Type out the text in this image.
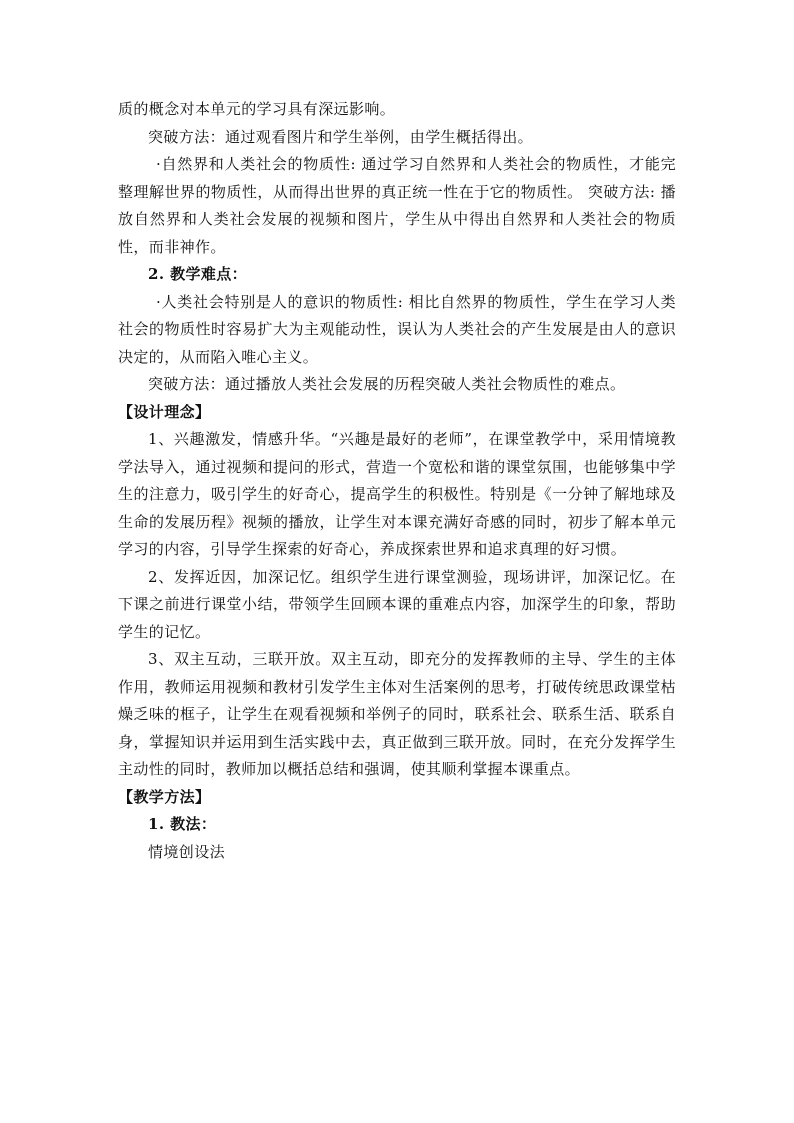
质的概念对本单元的学习具有深远影响。

突破方法：通过观看图片和学生举例，由学生概括得出。

·自然界和人类社会的物质性: 通过学习自然界和人类社会的物质性，才能完整理解世界的物质性，从而得出世界的真正统一性在于它的物质性。 突破方法: 播放自然界和人类社会发展的视频和图片，学生从中得出自然界和人类社会的物质性，而非神作。

2. 教学难点：

·人类社会特别是人的意识的物质性: 相比自然界的物质性，学生在学习人类社会的物质性时容易扩大为主观能动性，误认为人类社会的产生发展是由人的意识决定的，从而陷入唯心主义。

突破方法：通过播放人类社会发展的历程突破人类社会物质性的难点。

【设计理念】

1、兴趣激发，情感升华。“兴趣是最好的老师”，在课堂教学中，采用情境教学法导入，通过视频和提问的形式，营造一个宽松和谐的课堂氛围，也能够集中学生的注意力，吸引学生的好奇心，提高学生的积极性。特别是《一分钟了解地球及生命的发展历程》视频的播放，让学生对本课充满好奇感的同时，初步了解本单元学习的内容，引导学生探索的好奇心，养成探索世界和追求真理的好习惯。

2、发挥近因，加深记忆。组织学生进行课堂测验，现场讲评，加深记忆。在下课之前进行课堂小结，带领学生回顾本课的重难点内容，加深学生的印象，帮助学生的记忆。

3、双主互动，三联开放。双主互动，即充分的发挥教师的主导、学生的主体作用，教师运用视频和教材引发学生主体对生活案例的思考，打破传统思政课堂枯燥乏味的框子，让学生在观看视频和举例子的同时，联系社会、联系生活、联系自身，掌握知识并运用到生活实践中去，真正做到三联开放。同时，在充分发挥学生主动性的同时，教师加以概括总结和强调，使其顺利掌握本课重点。

【教学方法】

1. 教法：

情境创设法
